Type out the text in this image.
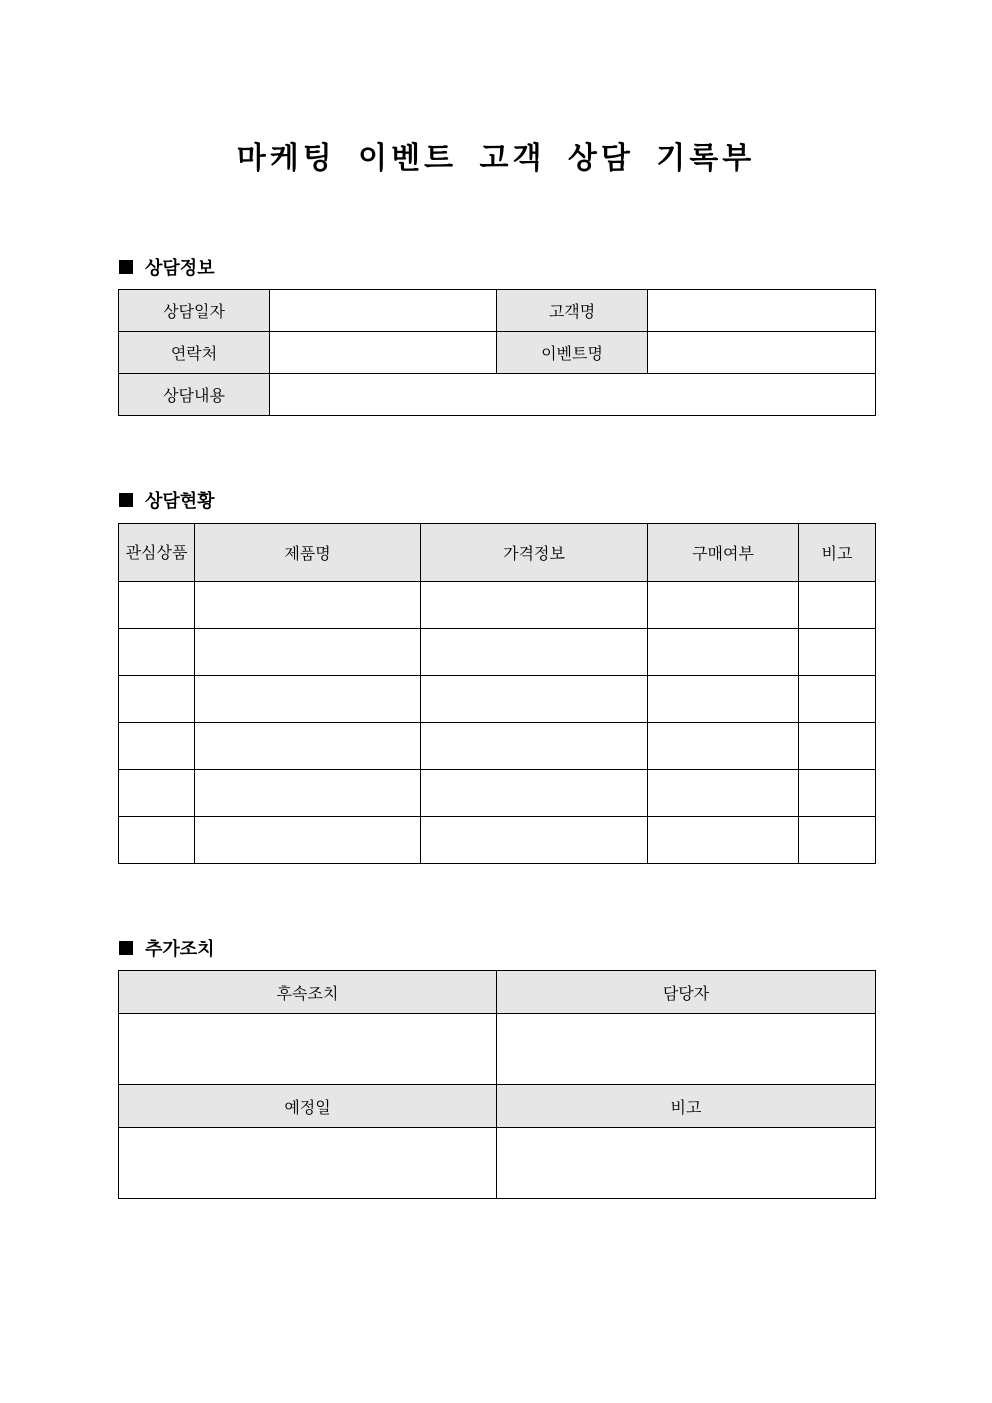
마케팅 이벤트 고객 상담 기록부
상담정보
상담일자		고객명	
연락처		이벤트명	
상담내용			
상담현황
관심상품	제품명	가격정보	구매여부	비고

추가조치
후속조치	담당자

예정일	비고
